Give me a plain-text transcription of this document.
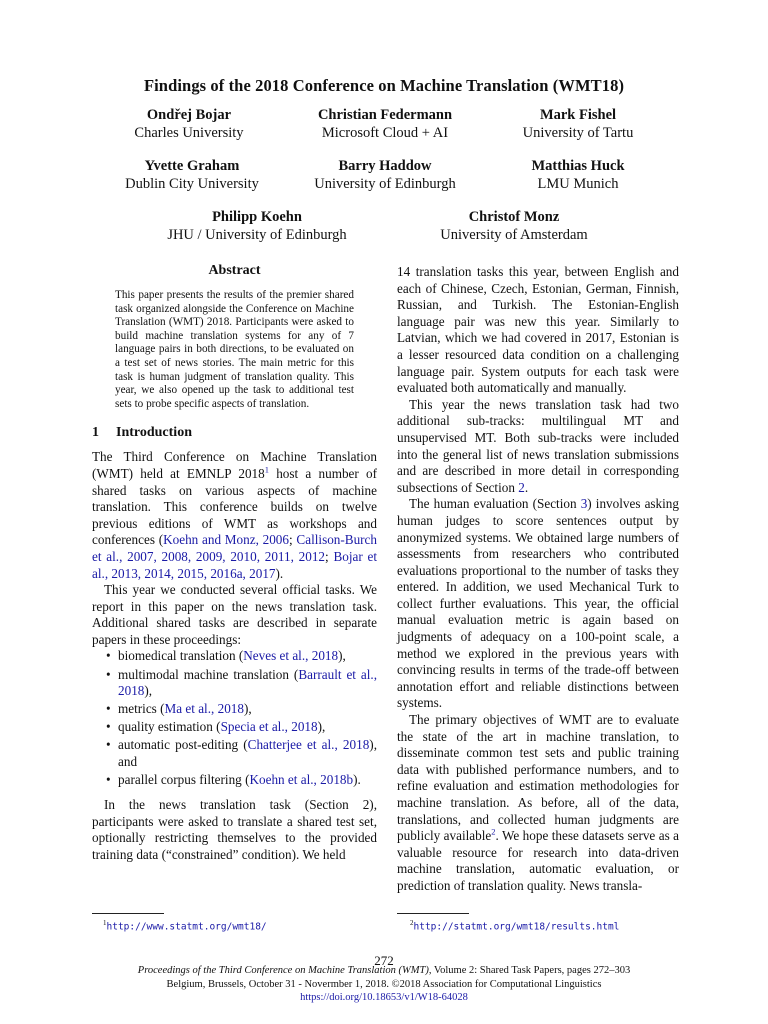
Findings of the 2018 Conference on Machine Translation (WMT18)
Ondřej Bojar
Charles University
Christian Federmann
Microsoft Cloud + AI
Mark Fishel
University of Tartu
Yvette Graham
Dublin City University
Barry Haddow
University of Edinburgh
Matthias Huck
LMU Munich
Philipp Koehn
JHU / University of Edinburgh
Christof Monz
University of Amsterdam
Abstract
This paper presents the results of the premier shared task organized alongside the Conference on Machine Translation (WMT) 2018. Participants were asked to build machine translation systems for any of 7 language pairs in both directions, to be evaluated on a test set of news stories. The main metric for this task is human judgment of translation quality. This year, we also opened up the task to additional test sets to probe specific aspects of translation.
1 Introduction

The Third Conference on Machine Translation (WMT) held at EMNLP 2018$^1$ host a number of shared tasks on various aspects of machine translation. This conference builds on twelve previous editions of WMT as workshops and conferences (Koehn and Monz, 2006; Callison-Burch et al., 2007, 2008, 2009, 2010, 2011, 2012; Bojar et al., 2013, 2014, 2015, 2016a, 2017).

This year we conducted several official tasks. We report in this paper on the news translation task. Additional shared tasks are described in separate papers in these proceedings:

• biomedical translation (Neves et al., 2018),
• multimodal machine translation (Barrault et al., 2018),
• metrics (Ma et al., 2018),
• quality estimation (Specia et al., 2018),
• automatic post-editing (Chatterjee et al., 2018), and
• parallel corpus filtering (Koehn et al., 2018b).

In the news translation task (Section 2), participants were asked to translate a shared test set, optionally restricting themselves to the provided training data (“constrained” condition). We held

14 translation tasks this year, between English and each of Chinese, Czech, Estonian, German, Finnish, Russian, and Turkish. The Estonian-English language pair was new this year. Similarly to Latvian, which we had covered in 2017, Estonian is a lesser resourced data condition on a challenging language pair. System outputs for each task were evaluated both automatically and manually.

This year the news translation task had two additional sub-tracks: multilingual MT and unsupervised MT. Both sub-tracks were included into the general list of news translation submissions and are described in more detail in corresponding subsections of Section 2.

The human evaluation (Section 3) involves asking human judges to score sentences output by anonymized systems. We obtained large numbers of assessments from researchers who contributed evaluations proportional to the number of tasks they entered. In addition, we used Mechanical Turk to collect further evaluations. This year, the official manual evaluation metric is again based on judgments of adequacy on a 100-point scale, a method we explored in the previous years with convincing results in terms of the trade-off between annotation effort and reliable distinctions between systems.

The primary objectives of WMT are to evaluate the state of the art in machine translation, to disseminate common test sets and public training data with published performance numbers, and to refine evaluation and estimation methodologies for machine translation. As before, all of the data, translations, and collected human judgments are publicly available$^2$. We hope these datasets serve as a valuable resource for research into data-driven machine translation, automatic evaluation, or prediction of translation quality. News transla-

$^1$http://www.statmt.org/wmt18/	$^2$http://statmt.org/wmt18/results.html
272
Proceedings of the Third Conference on Machine Translation (WMT), Volume 2: Shared Task Papers, pages 272–303
Belgium, Brussels, October 31 - Novermber 1, 2018. ©2018 Association for Computational Linguistics
https://doi.org/10.18653/v1/W18-64028
